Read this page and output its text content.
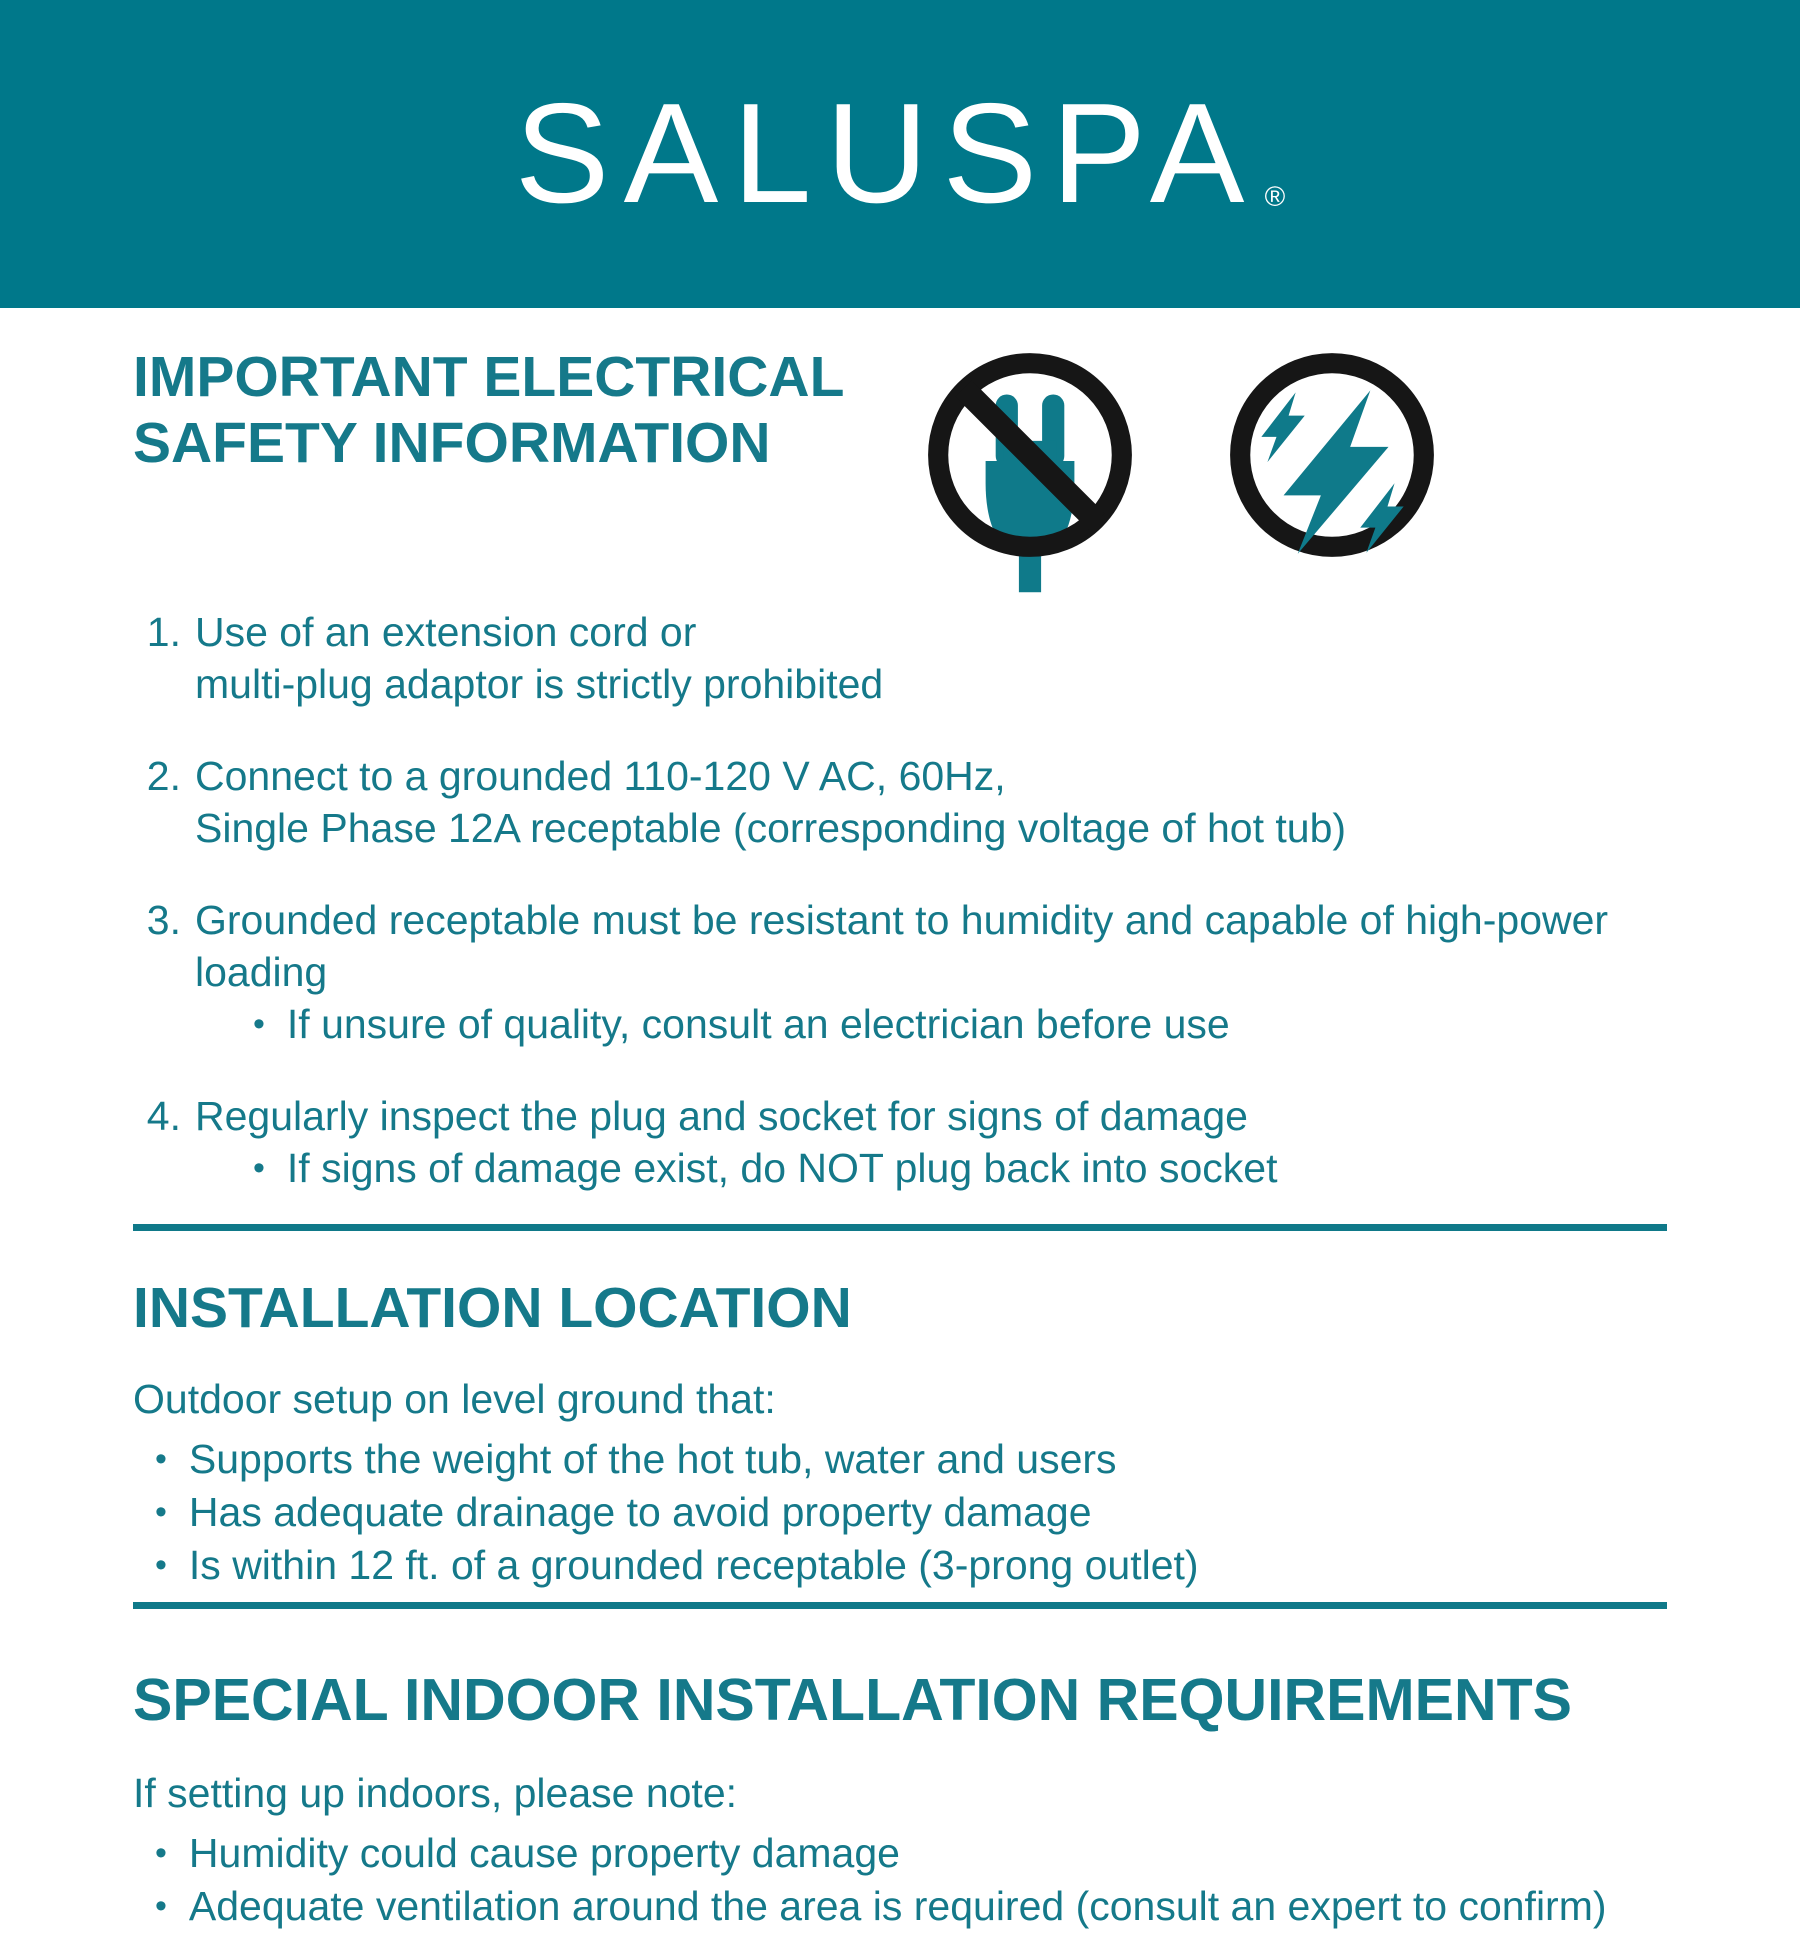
SALUSPA ®
IMPORTANT ELECTRICAL
SAFETY INFORMATION
1. Use of an extension cord or
multi-plug adaptor is strictly prohibited
2. Connect to a grounded 110-120 V AC, 60Hz,
Single Phase 12A receptable (corresponding voltage of hot tub)
3. Grounded receptable must be resistant to humidity and capable of high-power loading
• If unsure of quality, consult an electrician before use
4. Regularly inspect the plug and socket for signs of damage
• If signs of damage exist, do NOT plug back into socket
INSTALLATION LOCATION
Outdoor setup on level ground that:
• Supports the weight of the hot tub, water and users
• Has adequate drainage to avoid property damage
• Is within 12 ft. of a grounded receptable (3-prong outlet)
SPECIAL INDOOR INSTALLATION REQUIREMENTS
If setting up indoors, please note:
• Humidity could cause property damage
• Adequate ventilation around the area is required (consult an expert to confirm)
